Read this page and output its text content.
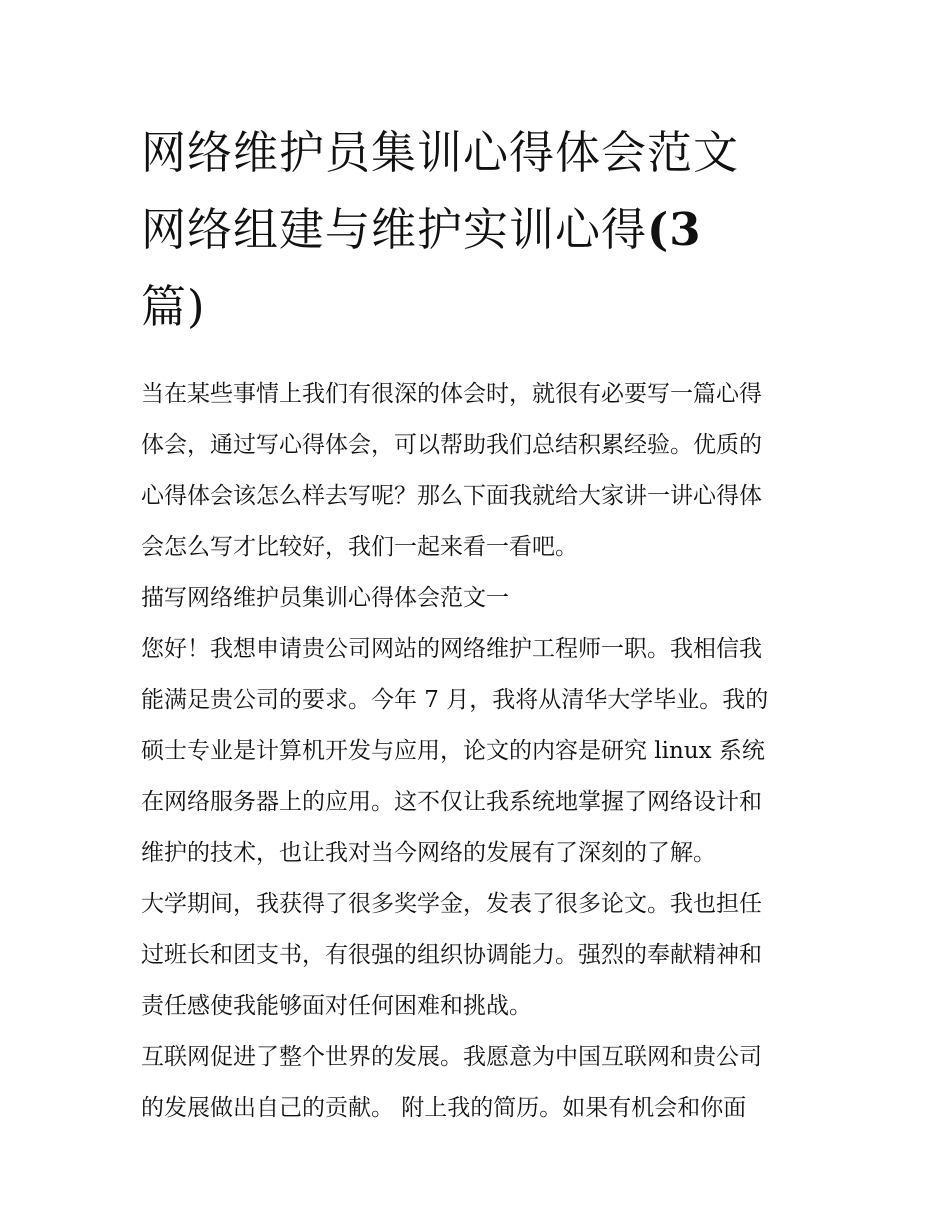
网络维护员集训心得体会范文
网络组建与维护实训心得(3
篇)

当在某些事情上我们有很深的体会时，就很有必要写一篇心得
体会，通过写心得体会，可以帮助我们总结积累经验。优质的
心得体会该怎么样去写呢？那么下面我就给大家讲一讲心得体
会怎么写才比较好，我们一起来看一看吧。

描写网络维护员集训心得体会范文一

您好！我想申请贵公司网站的网络维护工程师一职。我相信我
能满足贵公司的要求。今年 7 月，我将从清华大学毕业。我的
硕士专业是计算机开发与应用，论文的内容是研究 linux 系统
在网络服务器上的应用。这不仅让我系统地掌握了网络设计和
维护的技术，也让我对当今网络的发展有了深刻的了解。

大学期间，我获得了很多奖学金，发表了很多论文。我也担任
过班长和团支书，有很强的组织协调能力。强烈的奉献精神和
责任感使我能够面对任何困难和挑战。

互联网促进了整个世界的发展。我愿意为中国互联网和贵公司
的发展做出自己的贡献。 附上我的简历。如果有机会和你面
